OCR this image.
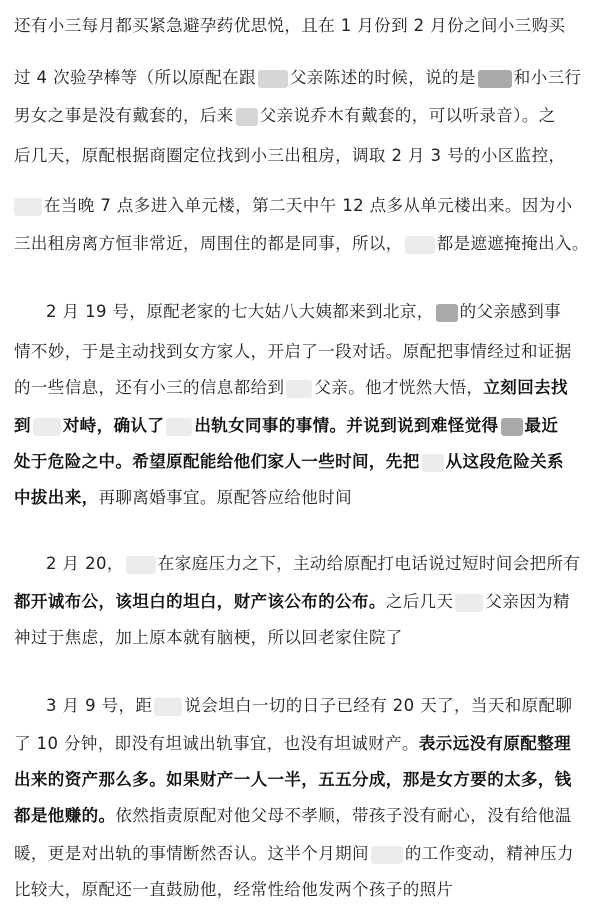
还有小三每月都买紧急避孕药优思悦，且在 1 月份到 2 月份之间小三购买
过 4 次验孕棒等（所以原配在跟 父亲陈述的时候，说的是 和小三行
男女之事是没有戴套的，后来 父亲说乔木有戴套的，可以听录音）。之
后几天，原配根据商圈定位找到小三出租房，调取 2 月 3 号的小区监控，
在当晚 7 点多进入单元楼，第二天中午 12 点多从单元楼出来。因为小
三出租房离方恒非常近，周围住的都是同事，所以， 都是遮遮掩掩出入。
2 月 19 号，原配老家的七大姑八大姨都来到北京， 的父亲感到事
情不妙，于是主动找到女方家人，开启了一段对话。原配把事情经过和证据
的一些信息，还有小三的信息都给到 父亲。他才恍然大悟，立刻回去找
到 对峙，确认了 出轨女同事的事情。并说到说到难怪觉得 最近
处于危险之中。希望原配能给他们家人一些时间，先把 从这段危险关系
中拔出来，再聊离婚事宜。原配答应给他时间
2 月 20， 在家庭压力之下，主动给原配打电话说过短时间会把所有
都开诚布公，该坦白的坦白，财产该公布的公布。之后几天 父亲因为精
神过于焦虑，加上原本就有脑梗，所以回老家住院了
3 月 9 号，距 说会坦白一切的日子已经有 20 天了，当天和原配聊
了 10 分钟，即没有坦诚出轨事宜，也没有坦诚财产。表示远没有原配整理
出来的资产那么多。如果财产一人一半，五五分成，那是女方要的太多，钱
都是他赚的。依然指责原配对他父母不孝顺，带孩子没有耐心，没有给他温
暖，更是对出轨的事情断然否认。这半个月期间 的工作变动，精神压力
比较大，原配还一直鼓励他，经常性给他发两个孩子的照片
